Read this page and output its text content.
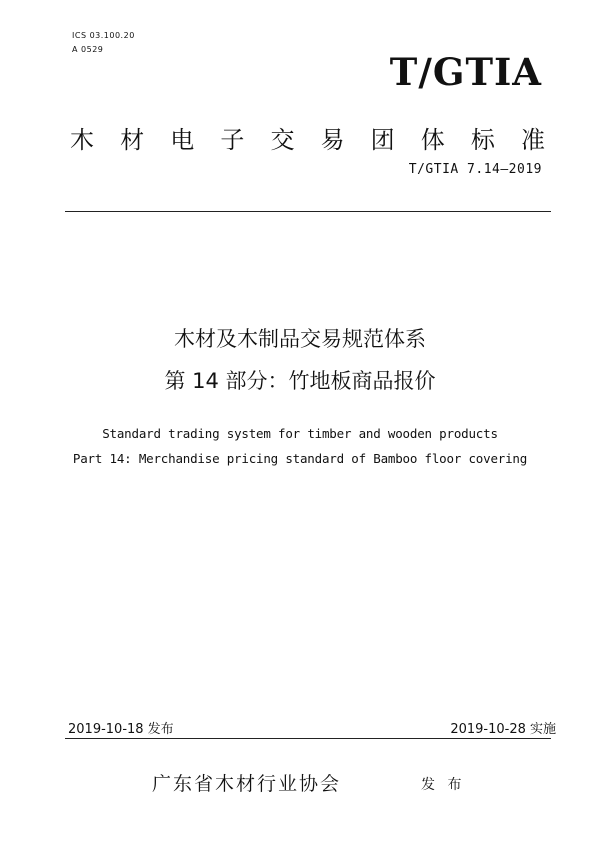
ICS 03.100.20
A 0529
T/GTIA
木 材 电 子 交 易 团 体 标 准
T/GTIA 7.14—2019
木材及木制品交易规范体系
第 14 部分：竹地板商品报价
Standard trading system for timber and wooden products
Part 14: Merchandise pricing standard of Bamboo floor covering
2019-10-18 发布	2019-10-28 实施
广东省木材行业协会	发 布
